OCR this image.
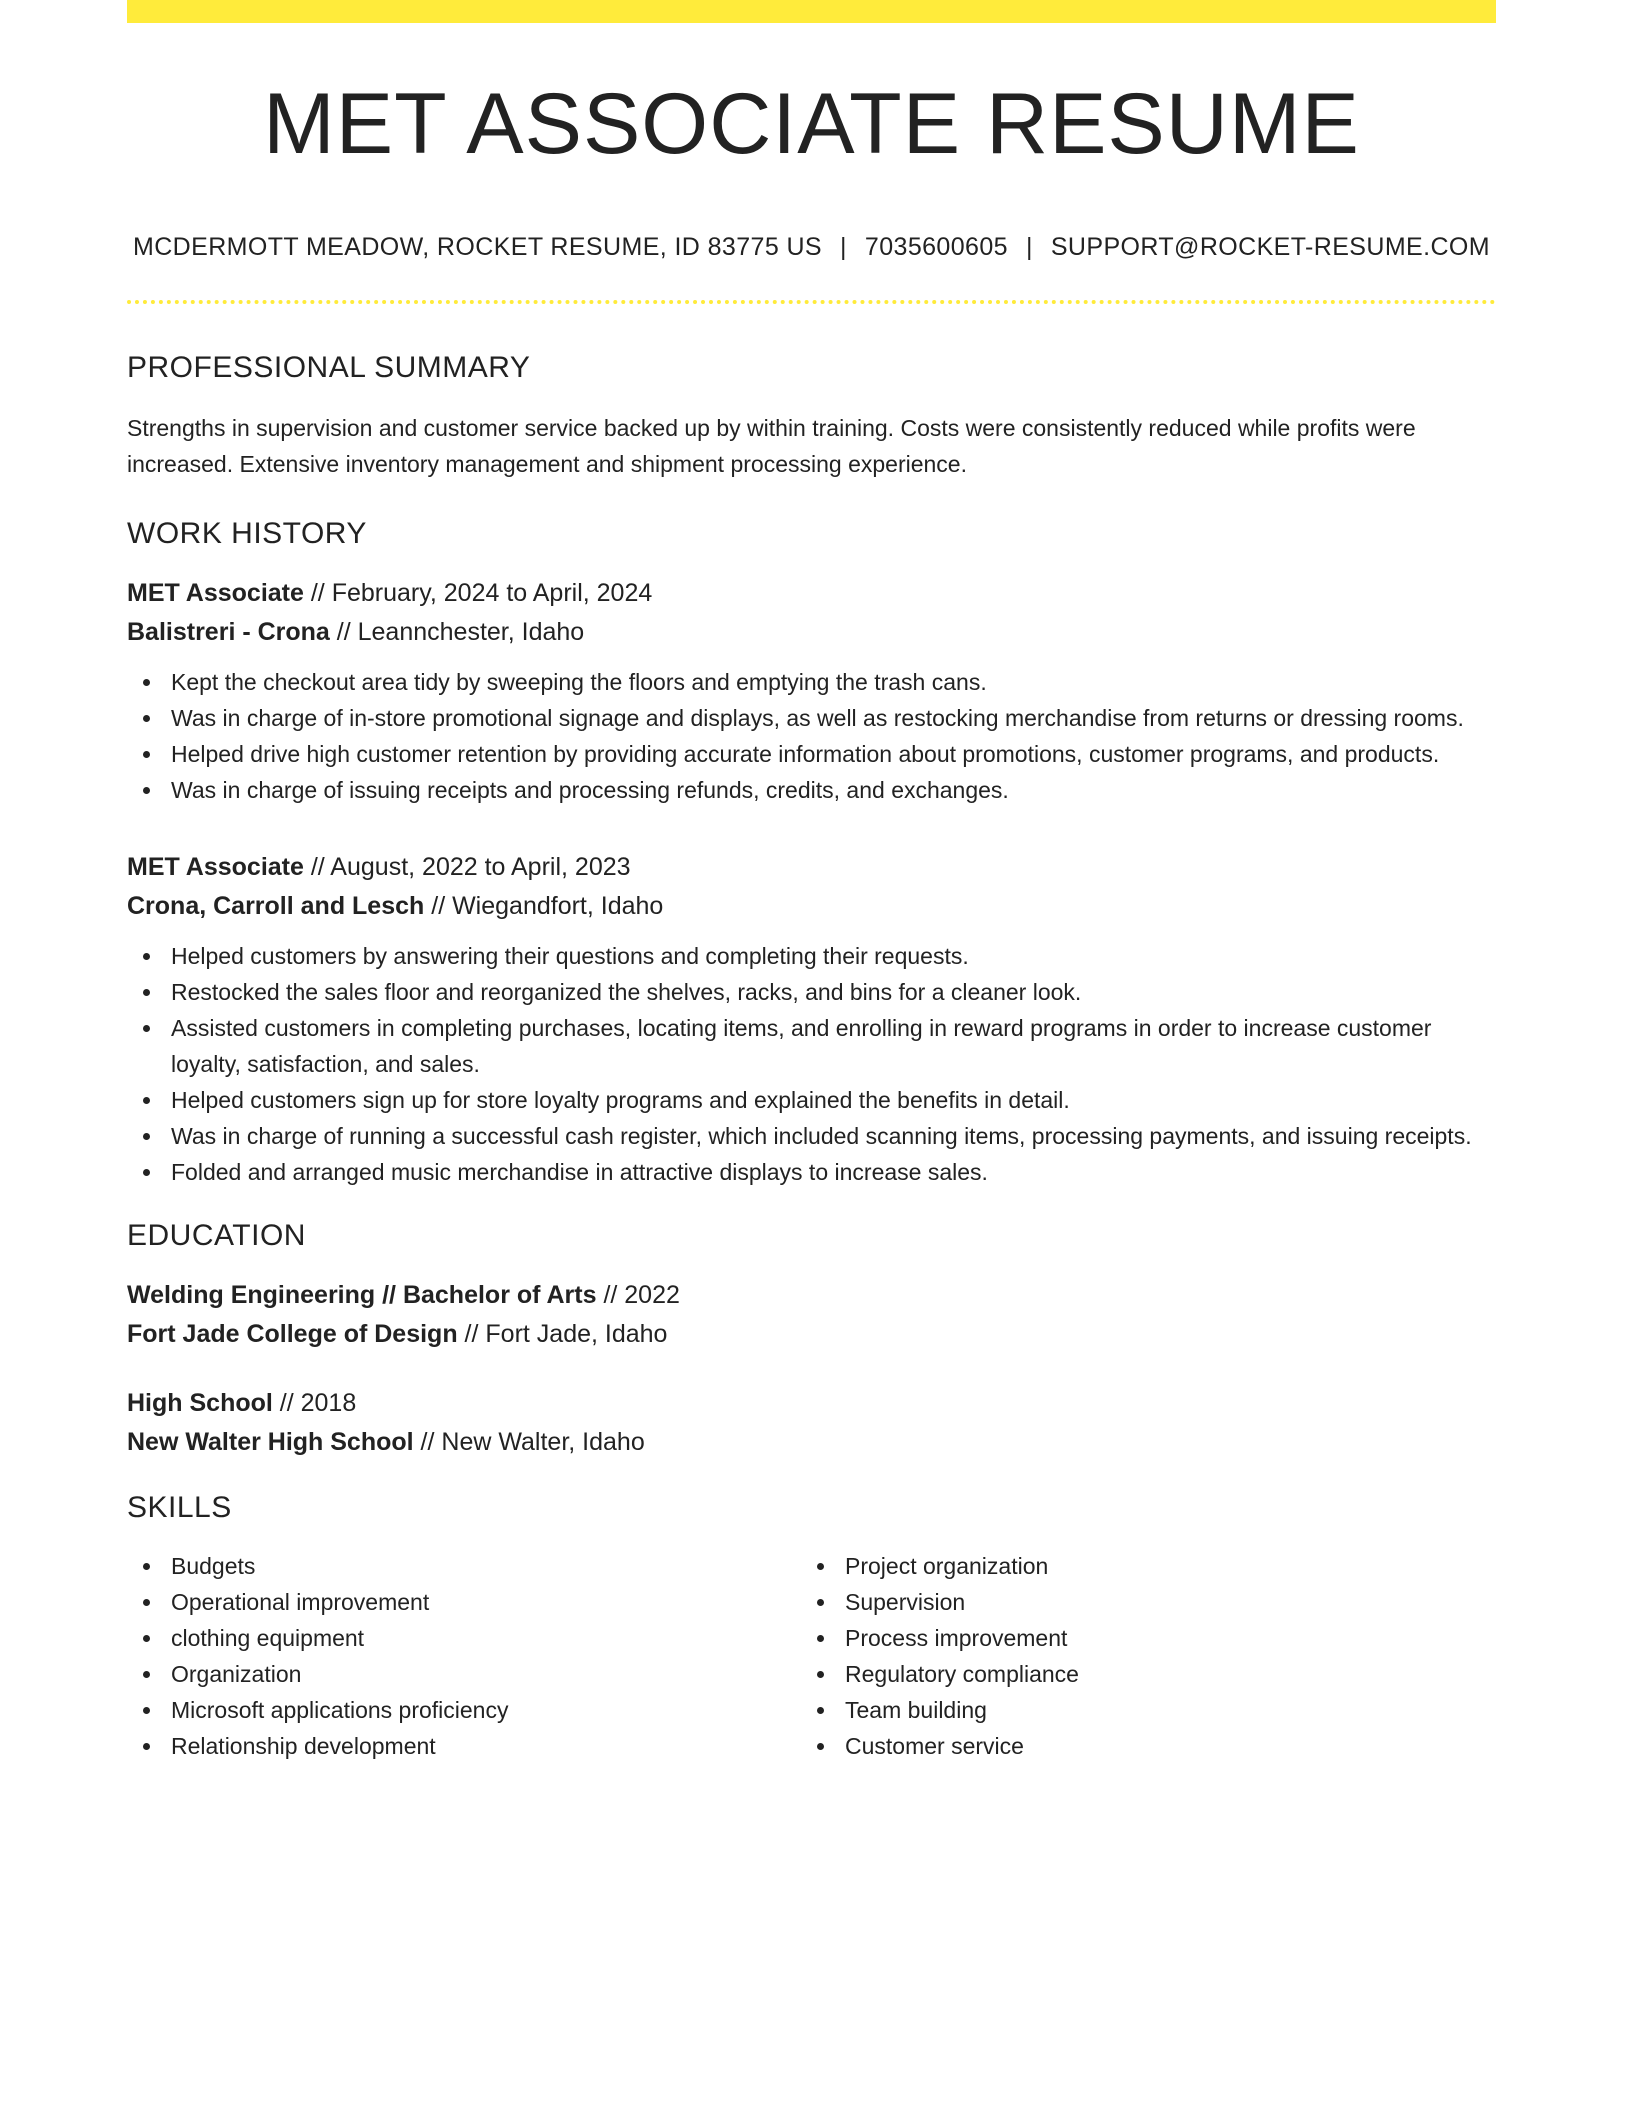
MET ASSOCIATE RESUME
MCDERMOTT MEADOW, ROCKET RESUME, ID 83775 US | 7035600605 | SUPPORT@ROCKET-RESUME.COM
PROFESSIONAL SUMMARY
Strengths in supervision and customer service backed up by within training. Costs were consistently reduced while profits were increased. Extensive inventory management and shipment processing experience.
WORK HISTORY
MET Associate // February, 2024 to April, 2024
Balistreri - Crona // Leannchester, Idaho
Kept the checkout area tidy by sweeping the floors and emptying the trash cans.
Was in charge of in-store promotional signage and displays, as well as restocking merchandise from returns or dressing rooms.
Helped drive high customer retention by providing accurate information about promotions, customer programs, and products.
Was in charge of issuing receipts and processing refunds, credits, and exchanges.
MET Associate // August, 2022 to April, 2023
Crona, Carroll and Lesch // Wiegandfort, Idaho
Helped customers by answering their questions and completing their requests.
Restocked the sales floor and reorganized the shelves, racks, and bins for a cleaner look.
Assisted customers in completing purchases, locating items, and enrolling in reward programs in order to increase customer loyalty, satisfaction, and sales.
Helped customers sign up for store loyalty programs and explained the benefits in detail.
Was in charge of running a successful cash register, which included scanning items, processing payments, and issuing receipts.
Folded and arranged music merchandise in attractive displays to increase sales.
EDUCATION
Welding Engineering // Bachelor of Arts // 2022
Fort Jade College of Design // Fort Jade, Idaho
High School // 2018
New Walter High School // New Walter, Idaho
SKILLS
Budgets
Operational improvement
clothing equipment
Organization
Microsoft applications proficiency
Relationship development
Project organization
Supervision
Process improvement
Regulatory compliance
Team building
Customer service
